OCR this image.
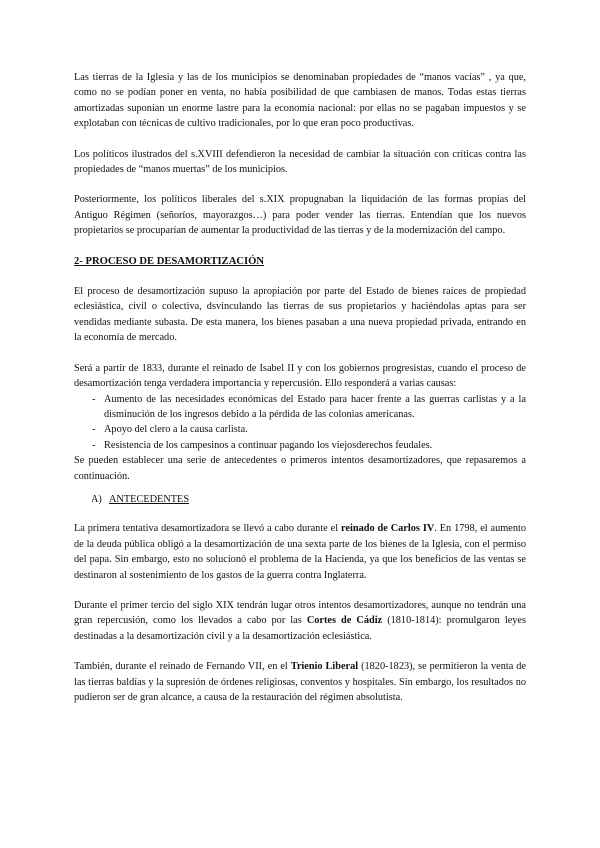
Las tierras de la Iglesia y las de los municipios se denominaban propiedades de “manos vacías” , ya que, como no se podían poner en venta, no había posibilidad de que cambiasen de manos. Todas estas tierras amortizadas suponían un enorme lastre para la economía nacional: por ellas no se pagaban impuestos y se explotaban con técnicas de cultivo tradicionales, por lo que eran poco productivas.

Los políticos ilustrados del s.XVIII defendieron la necesidad de cambiar la situación con críticas contra las propiedades de “manos muertas” de los municipios.

Posteriormente, los políticos liberales del s.XIX propugnaban la liquidación de las formas propias del Antiguo Régimen (señoríos, mayorazgos…) para poder vender las tierras. Entendían que los nuevos propietarios se procuparían de aumentar la productividad de las tierras y de la modernización del campo.

2- PROCESO DE DESAMORTIZACIÓN

El proceso de desamortización supuso la apropiación por parte del Estado de bienes raíces de propiedad eclesiástica, civil o colectiva, dsvinculando las tierras de sus propietarios y haciéndolas aptas para ser vendidas mediante subasta. De esta manera, los bienes pasaban a una nueva propiedad privada, entrando en la economía de mercado.

Será a partir de 1833, durante el reinado de Isabel II y con los gobiernos progresistas, cuando el proceso de desamortización tenga verdadera importancia y repercusión. Ello responderá a varias causas:

- Aumento de las necesidades económicas del Estado para hacer frente a las guerras carlistas y a la disminución de los ingresos debido a la pérdida de las colonias americanas.
- Apoyo del clero a la causa carlista.
- Resistencia de los campesinos a continuar pagando los viejosderechos feudales.

Se pueden establecer una serie de antecedentes o primeros intentos desamortizadores, que repasaremos a continuación.

A) ANTECEDENTES

La primera tentativa desamortizadora se llevó a cabo durante el reinado de Carlos IV. En 1798, el aumento de la deuda pública obligó a la desamortización de una sexta parte de los bienes de la Iglesia, con el permiso del papa. Sin embargo, esto no solucionó el problema de la Hacienda, ya que los beneficios de las ventas se destinaron al sostenimiento de los gastos de la guerra contra Inglaterra.

Durante el primer tercio del siglo XIX tendrán lugar otros intentos desamortizadores, aunque no tendrán una gran repercusión, como los llevados a cabo por las Cortes de Cádiz (1810-1814): promulgaron leyes destinadas a la desamortización civil y a la desamortización eclesiástica.

También, durante el reinado de Fernando VII, en el Trienio Liberal (1820-1823), se permitieron la venta de las tierras baldías y la supresión de órdenes religiosas, conventos y hospitales. Sin embargo, los resultados no pudieron ser de gran alcance, a causa de la restauración del régimen absolutista.
